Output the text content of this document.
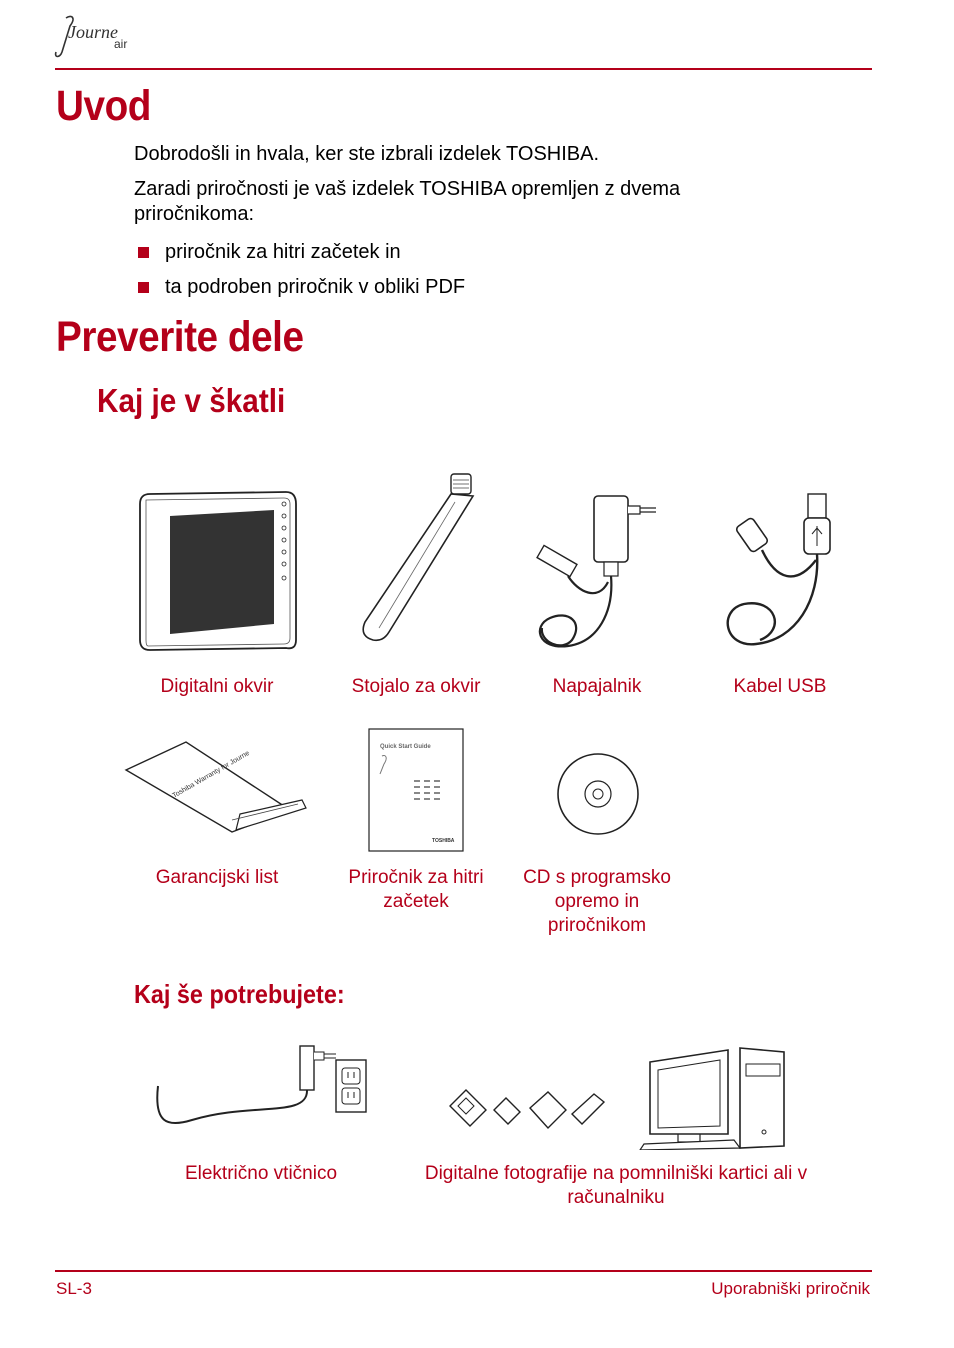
Journe
air
Uvod

Dobrodošli in hvala, ker ste izbrali izdelek TOSHIBA.

Zaradi priročnosti je vaš izdelek TOSHIBA opremljen z dvema priročnikoma:

priročnik za hitri začetek in
ta podroben priročnik v obliki PDF
Preverite dele
Kaj je v škatli
Digitalni okvir	Stojalo za okvir	Napajalnik	Kabel USB
Toshiba Warranty for Journe
Quick Start Guide
TOSHIBA
Garancijski list	Priročnik za hitri začetek
CD s programsko opremo in priročnikom
Kaj še potrebujete:
Električno vtičnico	Digitalne fotografije na pomnilniški kartici ali v računalniku
SL-3	Uporabniški priročnik
